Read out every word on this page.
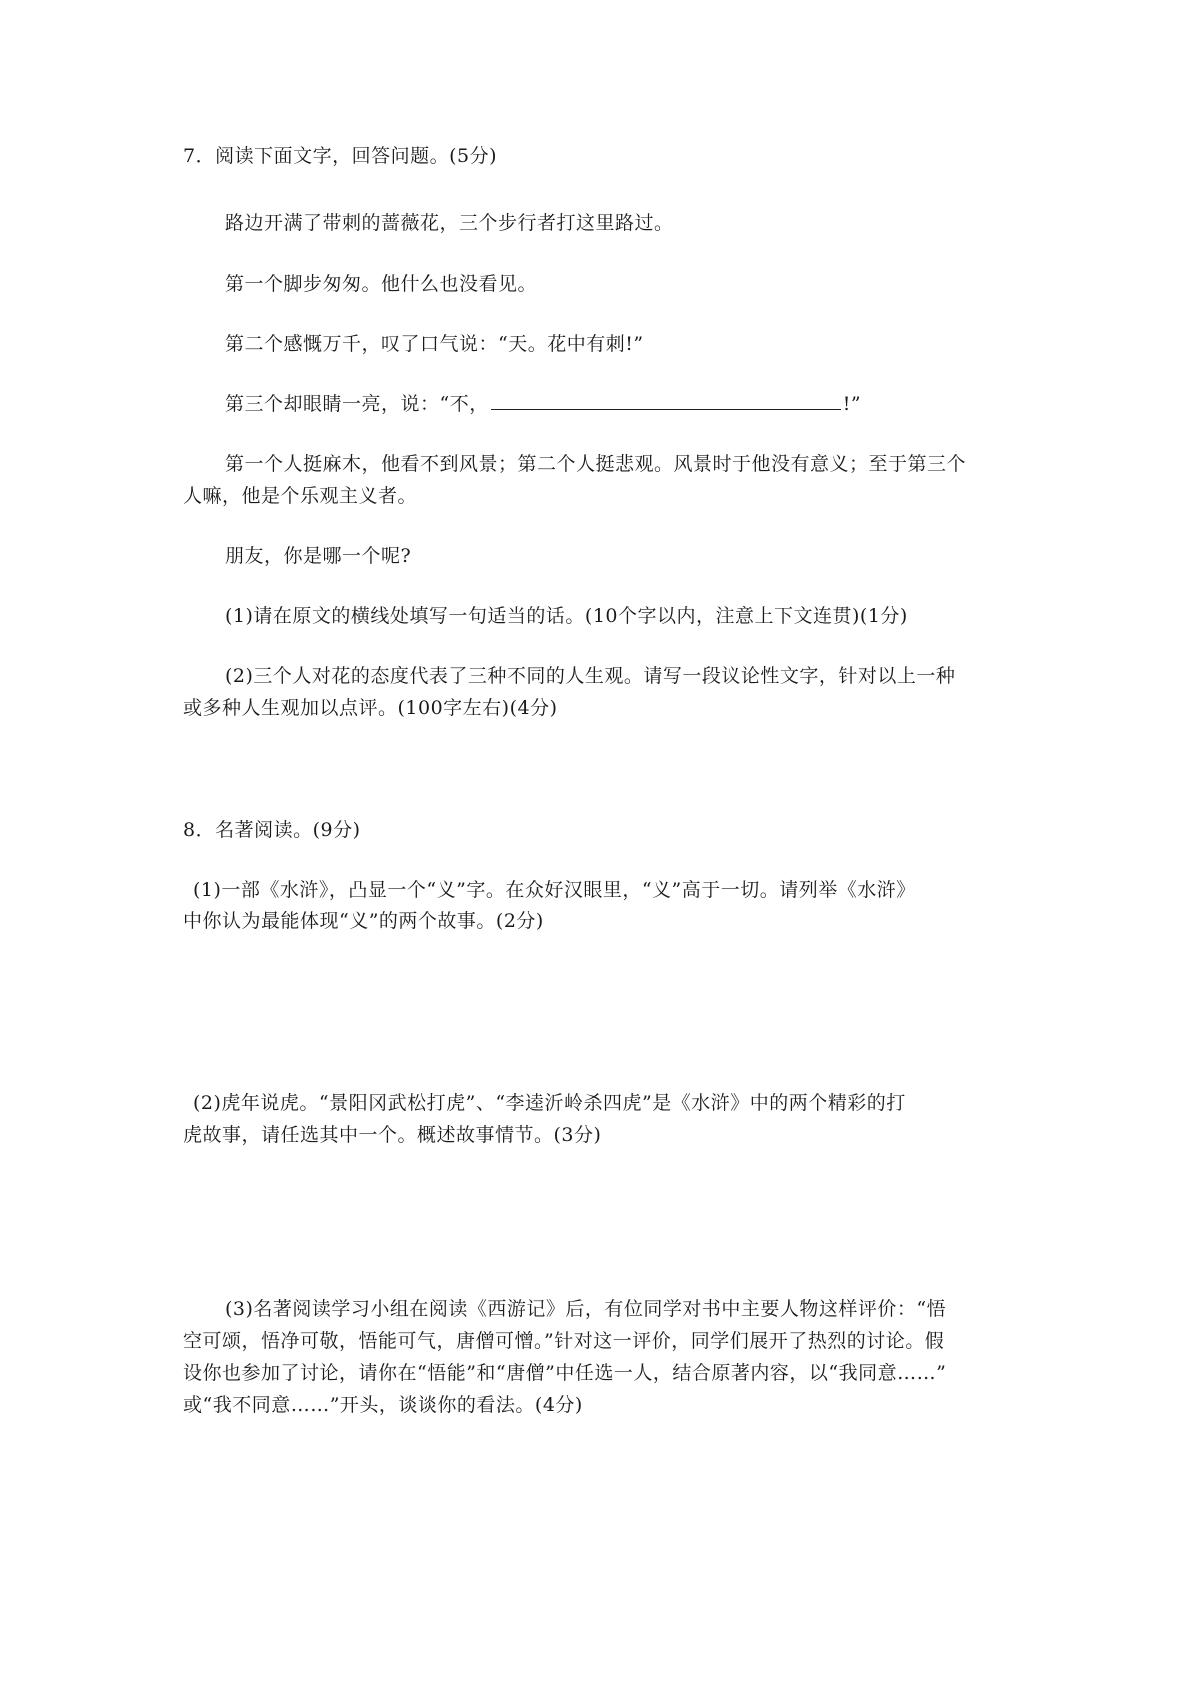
7．阅读下面文字，回答问题。(5分)
路边开满了带刺的蔷薇花，三个步行者打这里路过。
第一个脚步匆匆。他什么也没看见。
第二个感慨万千，叹了口气说：“天。花中有刺!”
第三个却眼睛一亮，说：“不，	!”
第一个人挺麻木，他看不到风景；第二个人挺悲观。风景时于他没有意义；至于第三个
人嘛，他是个乐观主义者。
朋友，你是哪一个呢?
(1)请在原文的横线处填写一句适当的话。(10个字以内，注意上下文连贯)(1分)
(2)三个人对花的态度代表了三种不同的人生观。请写一段议论性文字，针对以上一种
或多种人生观加以点评。(100字左右)(4分)
8．名著阅读。(9分)
(1)一部《水浒》，凸显一个“义”字。在众好汉眼里，“义”高于一切。请列举《水浒》
中你认为最能体现“义”的两个故事。(2分)
(2)虎年说虎。“景阳冈武松打虎”、“李逵沂岭杀四虎”是《水浒》中的两个精彩的打
虎故事，请任选其中一个。概述故事情节。(3分)
(3)名著阅读学习小组在阅读《西游记》后，有位同学对书中主要人物这样评价：“悟
空可颂，悟净可敬，悟能可气，唐僧可憎。”针对这一评价，同学们展开了热烈的讨论。假
设你也参加了讨论，请你在“悟能”和“唐僧”中任选一人，结合原著内容，以“我同意……”
或“我不同意……”开头，谈谈你的看法。(4分)
